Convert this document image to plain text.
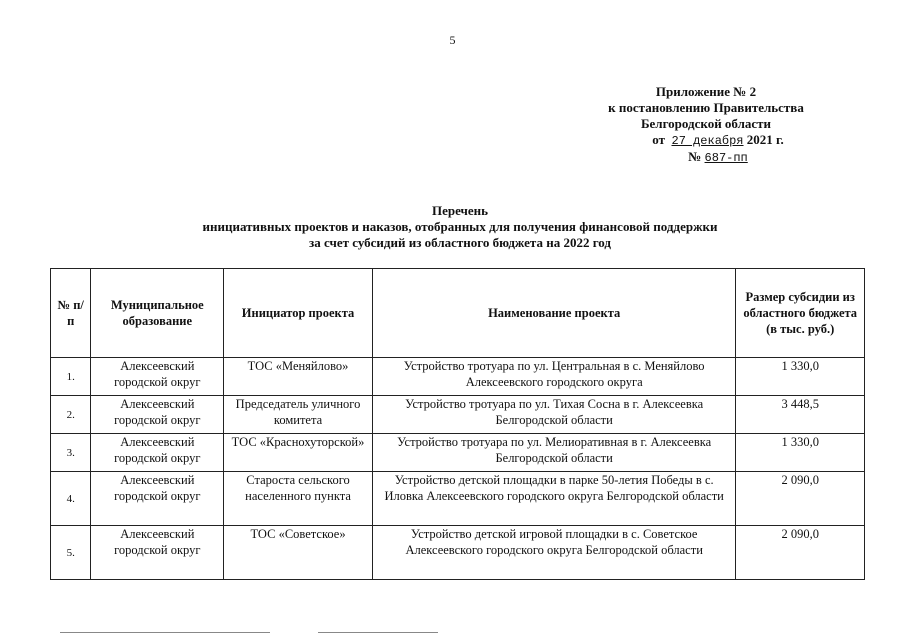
5
Приложение № 2
к постановлению Правительства
Белгородской области
от 27 декабря 2021 г.
№ 687-пп
Перечень
инициативных проектов и наказов, отобранных для получения финансовой поддержки
за счет субсидий из областного бюджета на 2022 год
№ п/п	Муниципальное образование	Инициатор проекта	Наименование проекта	Размер субсидии из областного бюджета (в тыс. руб.)
1.	Алексеевский городской округ	ТОС «Меняйлово»	Устройство тротуара по ул. Центральная в с. Меняйлово Алексеевского городского округа	1 330,0
2.	Алексеевский городской округ	Председатель уличного комитета	Устройство тротуара по ул. Тихая Сосна в г. Алексеевка Белгородской области	3 448,5
3.	Алексеевский городской округ	ТОС «Краснохуторской»	Устройство тротуара по ул. Мелиоративная в г. Алексеевка Белгородской области	1 330,0
4.	Алексеевский городской округ	Староста сельского населенного пункта	Устройство детской площадки в парке 50-летия Победы в с. Иловка Алексеевского городского округа Белгородской области	2 090,0
5.	Алексеевский городской округ	ТОС «Советское»	Устройство детской игровой площадки в с. Советское Алексеевского городского округа Белгородской области	2 090,0
